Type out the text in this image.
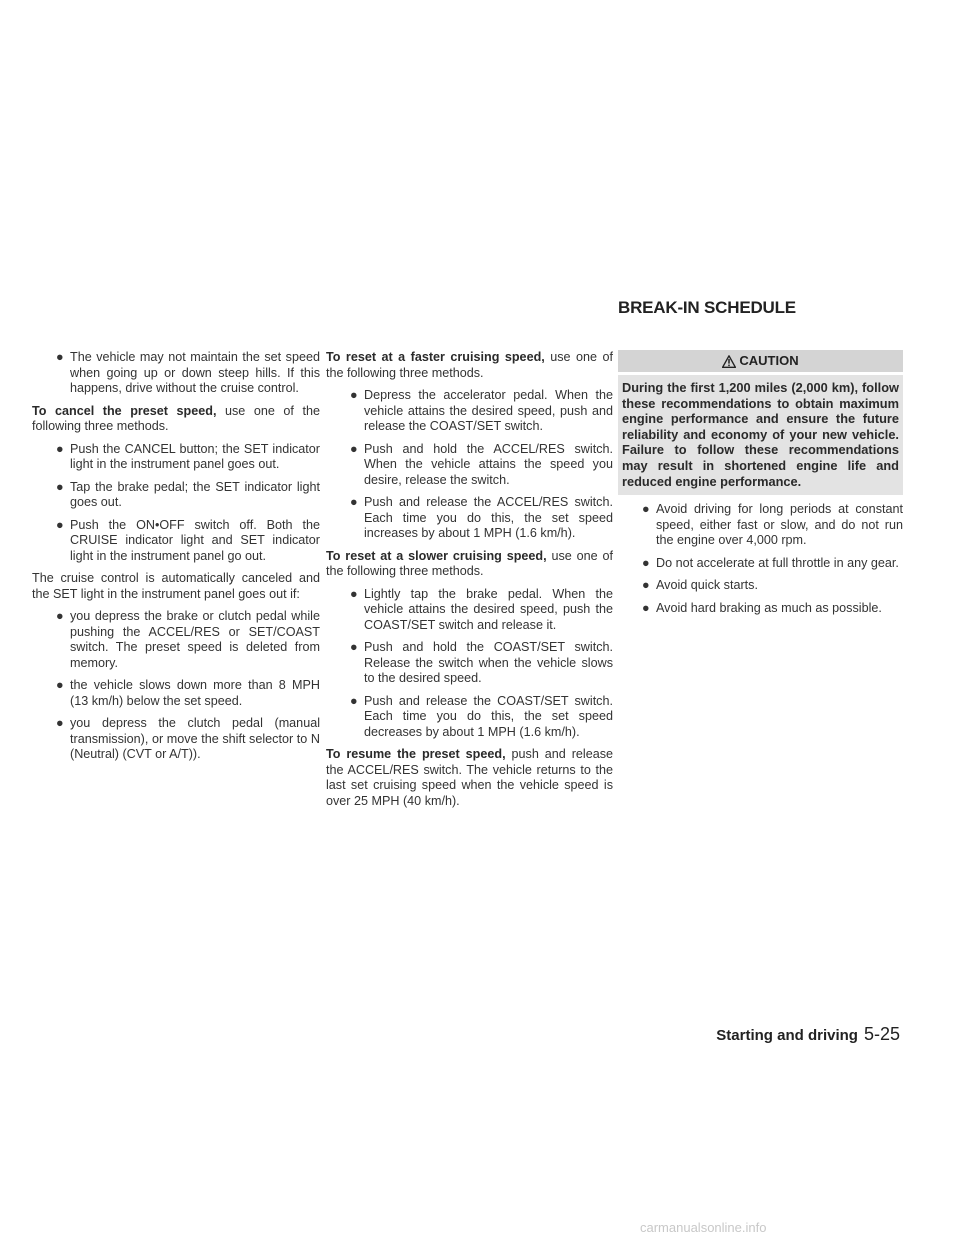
BREAK-IN SCHEDULE
● The vehicle may not maintain the set speed when going up or down steep hills. If this happens, drive without the cruise control.

To cancel the preset speed, use one of the following three methods.

● Push the CANCEL button; the SET indicator light in the instrument panel goes out.
● Tap the brake pedal; the SET indicator light goes out.
● Push the ON•OFF switch off. Both the CRUISE indicator light and SET indicator light in the instrument panel go out.

The cruise control is automatically canceled and the SET light in the instrument panel goes out if:

● you depress the brake or clutch pedal while pushing the ACCEL/RES or SET/COAST switch. The preset speed is deleted from memory.
● the vehicle slows down more than 8 MPH (13 km/h) below the set speed.
● you depress the clutch pedal (manual transmission), or move the shift selector to N (Neutral) (CVT or A/T)).

To reset at a faster cruising speed, use one of the following three methods.

● Depress the accelerator pedal. When the vehicle attains the desired speed, push and release the COAST/SET switch.
● Push and hold the ACCEL/RES switch. When the vehicle attains the speed you desire, release the switch.
● Push and release the ACCEL/RES switch. Each time you do this, the set speed increases by about 1 MPH (1.6 km/h).

To reset at a slower cruising speed, use one of the following three methods.

● Lightly tap the brake pedal. When the vehicle attains the desired speed, push the COAST/SET switch and release it.
● Push and hold the COAST/SET switch. Release the switch when the vehicle slows to the desired speed.
● Push and release the COAST/SET switch. Each time you do this, the set speed decreases by about 1 MPH (1.6 km/h).

To resume the preset speed, push and release the ACCEL/RES switch. The vehicle returns to the last set cruising speed when the vehicle speed is over 25 MPH (40 km/h).

CAUTION
During the first 1,200 miles (2,000 km), follow these recommendations to obtain maximum engine performance and ensure the future reliability and economy of your new vehicle. Failure to follow these recommendations may result in shortened engine life and reduced engine performance.
● Avoid driving for long periods at constant speed, either fast or slow, and do not run the engine over 4,000 rpm.
● Do not accelerate at full throttle in any gear.
● Avoid quick starts.
● Avoid hard braking as much as possible.
Starting and driving 5-25
carmanualsonline.info
